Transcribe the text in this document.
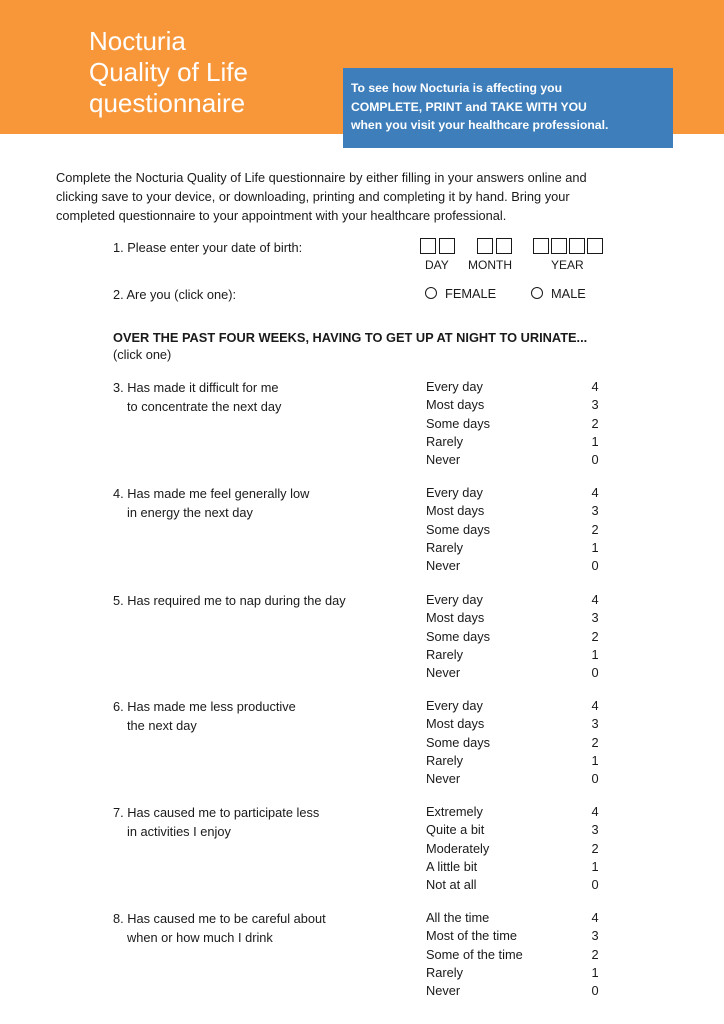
Nocturia
Quality of Life
questionnaire	To see how Nocturia is affecting you
COMPLETE, PRINT and TAKE WITH YOU
when you visit your healthcare professional.

Complete the Nocturia Quality of Life questionnaire by either filling in your answers online and
clicking save to your device, or downloading, printing and completing it by hand. Bring your
completed questionnaire to your appointment with your healthcare professional.

1. Please enter your date of birth:
DAY MONTH	YEAR
2. Are you (click one):	FEMALE	MALE
OVER THE PAST FOUR WEEKS, HAVING TO GET UP AT NIGHT TO URINATE...
(click one)
3. Has made it difficult for me
to concentrate the next day
Every day	4
Most days	3
Some days	2
Rarely	1
Never	0
4. Has made me feel generally low
in energy the next day
Every day	4
Most days	3
Some days	2
Rarely	1
Never	0
5. Has required me to nap during the day	Every day	4
Most days	3
Some days	2
Rarely	1
Never	0
6. Has made me less productive
the next day
Every day	4
Most days	3
Some days	2
Rarely	1
Never	0
7. Has caused me to participate less
in activities I enjoy
Extremely	4
Quite a bit	3
Moderately	2
A little bit	1
Not at all	0
8. Has caused me to be careful about
when or how much I drink
All the time	4
Most of the time	3
Some of the time	2
Rarely	1
Never	0
